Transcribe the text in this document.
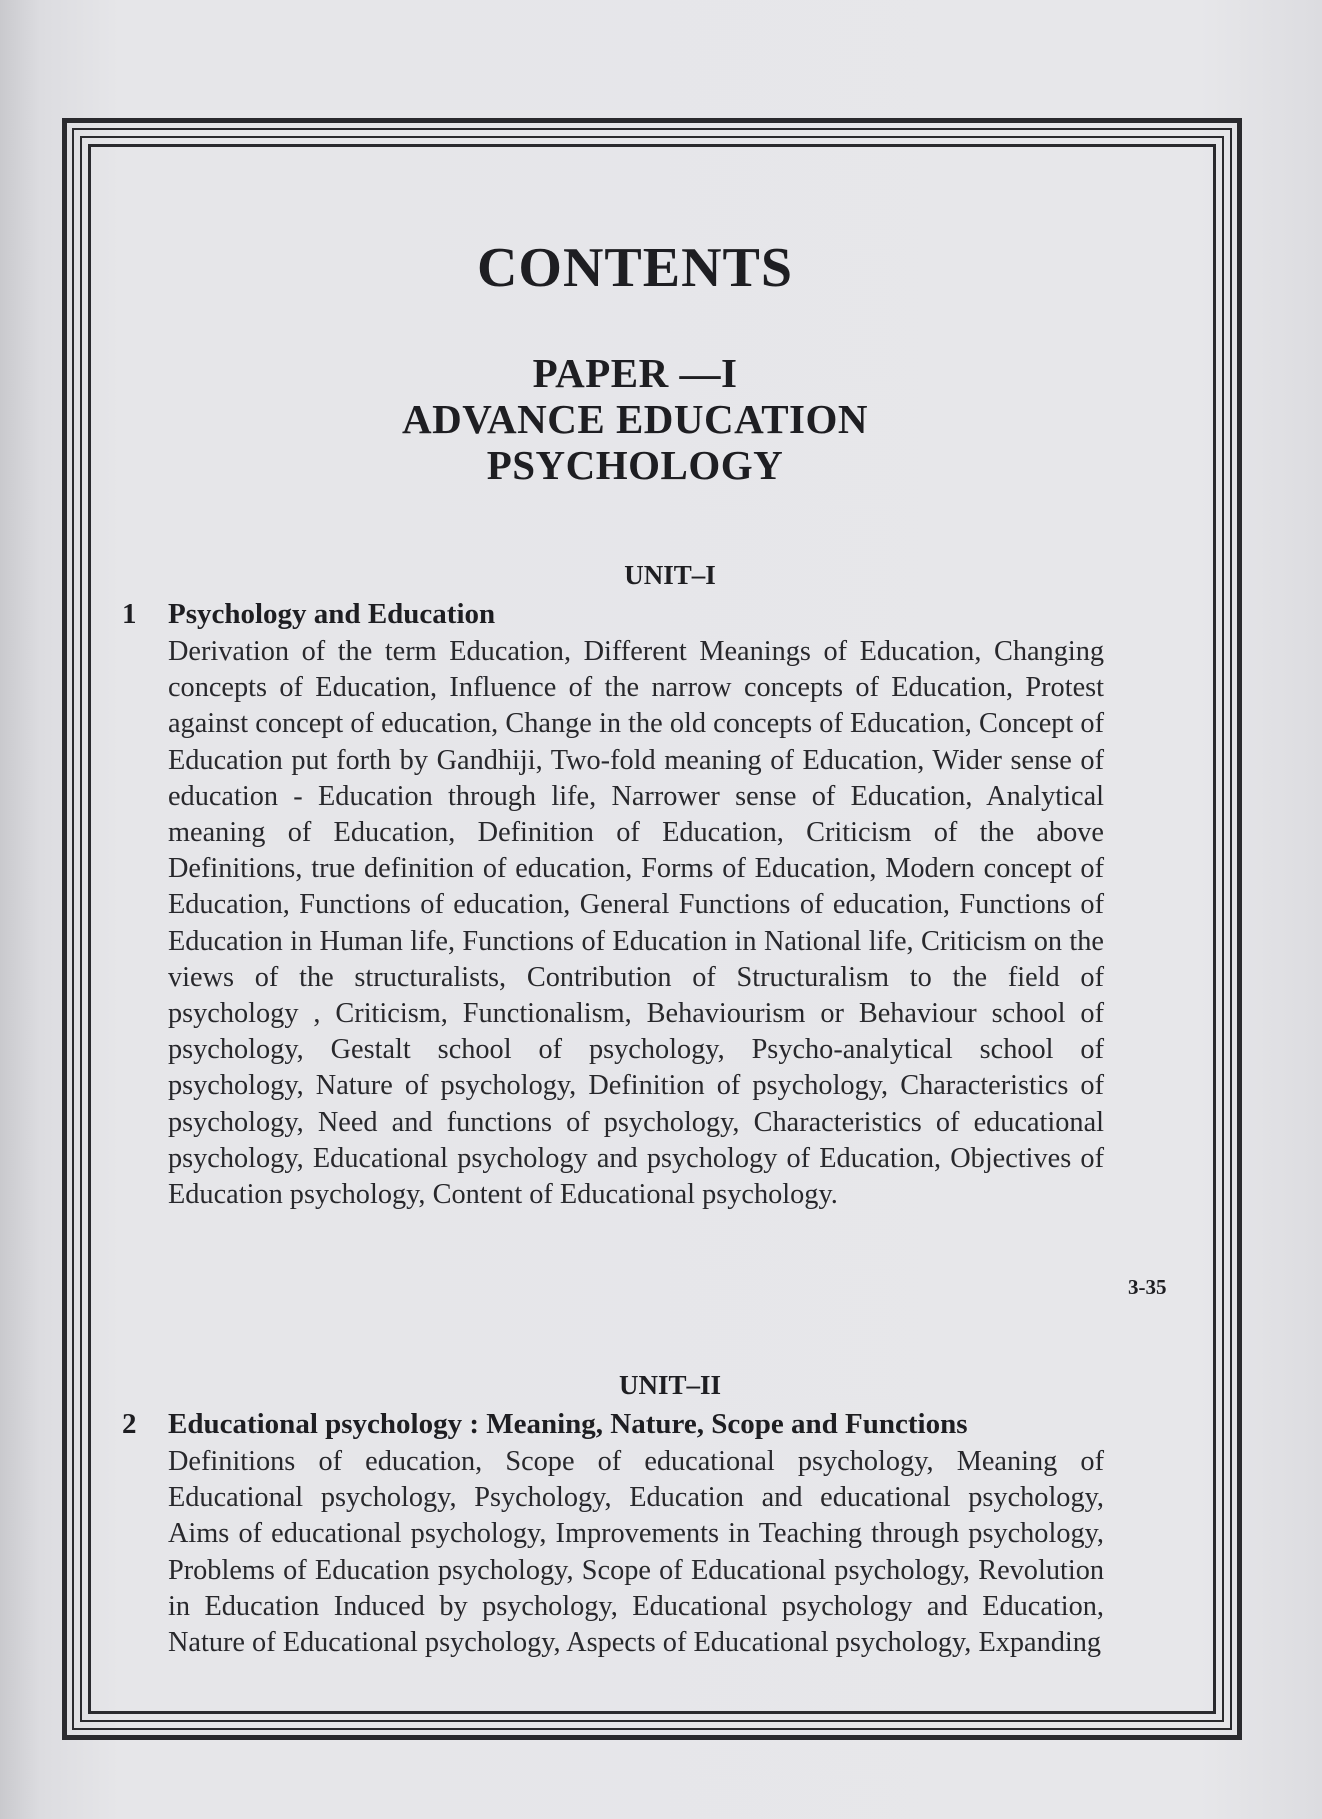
CONTENTS
PAPER —I
ADVANCE EDUCATION
PSYCHOLOGY
UNIT–I
1 Psychology and Education
Derivation of the term Education, Different Meanings of Education, Changing concepts of Education, Influence of the narrow concepts of Education, Protest against concept of education, Change in the old concepts of Education, Concept of Education put forth by Gandhiji, Two-fold meaning of Education, Wider sense of education - Education through life, Narrower sense of Education, Analytical meaning of Education, Definition of Education, Criticism of the above Definitions, true definition of education, Forms of Education, Modern concept of Education, Functions of education, General Functions of education, Functions of Education in Human life, Functions of Education in National life, Criticism on the views of the structuralists, Contribution of Structuralism to the field of psychology , Criticism, Functionalism, Behaviourism or Behaviour school of psychology, Gestalt school of psychology, Psycho-analytical school of psychology, Nature of psychology, Definition of psychology, Characteristics of psychology, Need and functions of psychology, Characteristics of educational psychology, Educational psychology and psychology of Education, Objectives of Education psychology, Content of Educational psychology.
3-35
UNIT–II
2 Educational psychology : Meaning, Nature, Scope and Functions
Definitions of education, Scope of educational psychology, Meaning of Educational psychology, Psychology, Education and educational psychology, Aims of educational psychology, Improvements in Teaching through psychology, Problems of Education psychology, Scope of Educational psychology, Revolution in Education Induced by psychology, Educational psychology and Education, Nature of Educational psychology, Aspects of Educational psychology, Expanding
